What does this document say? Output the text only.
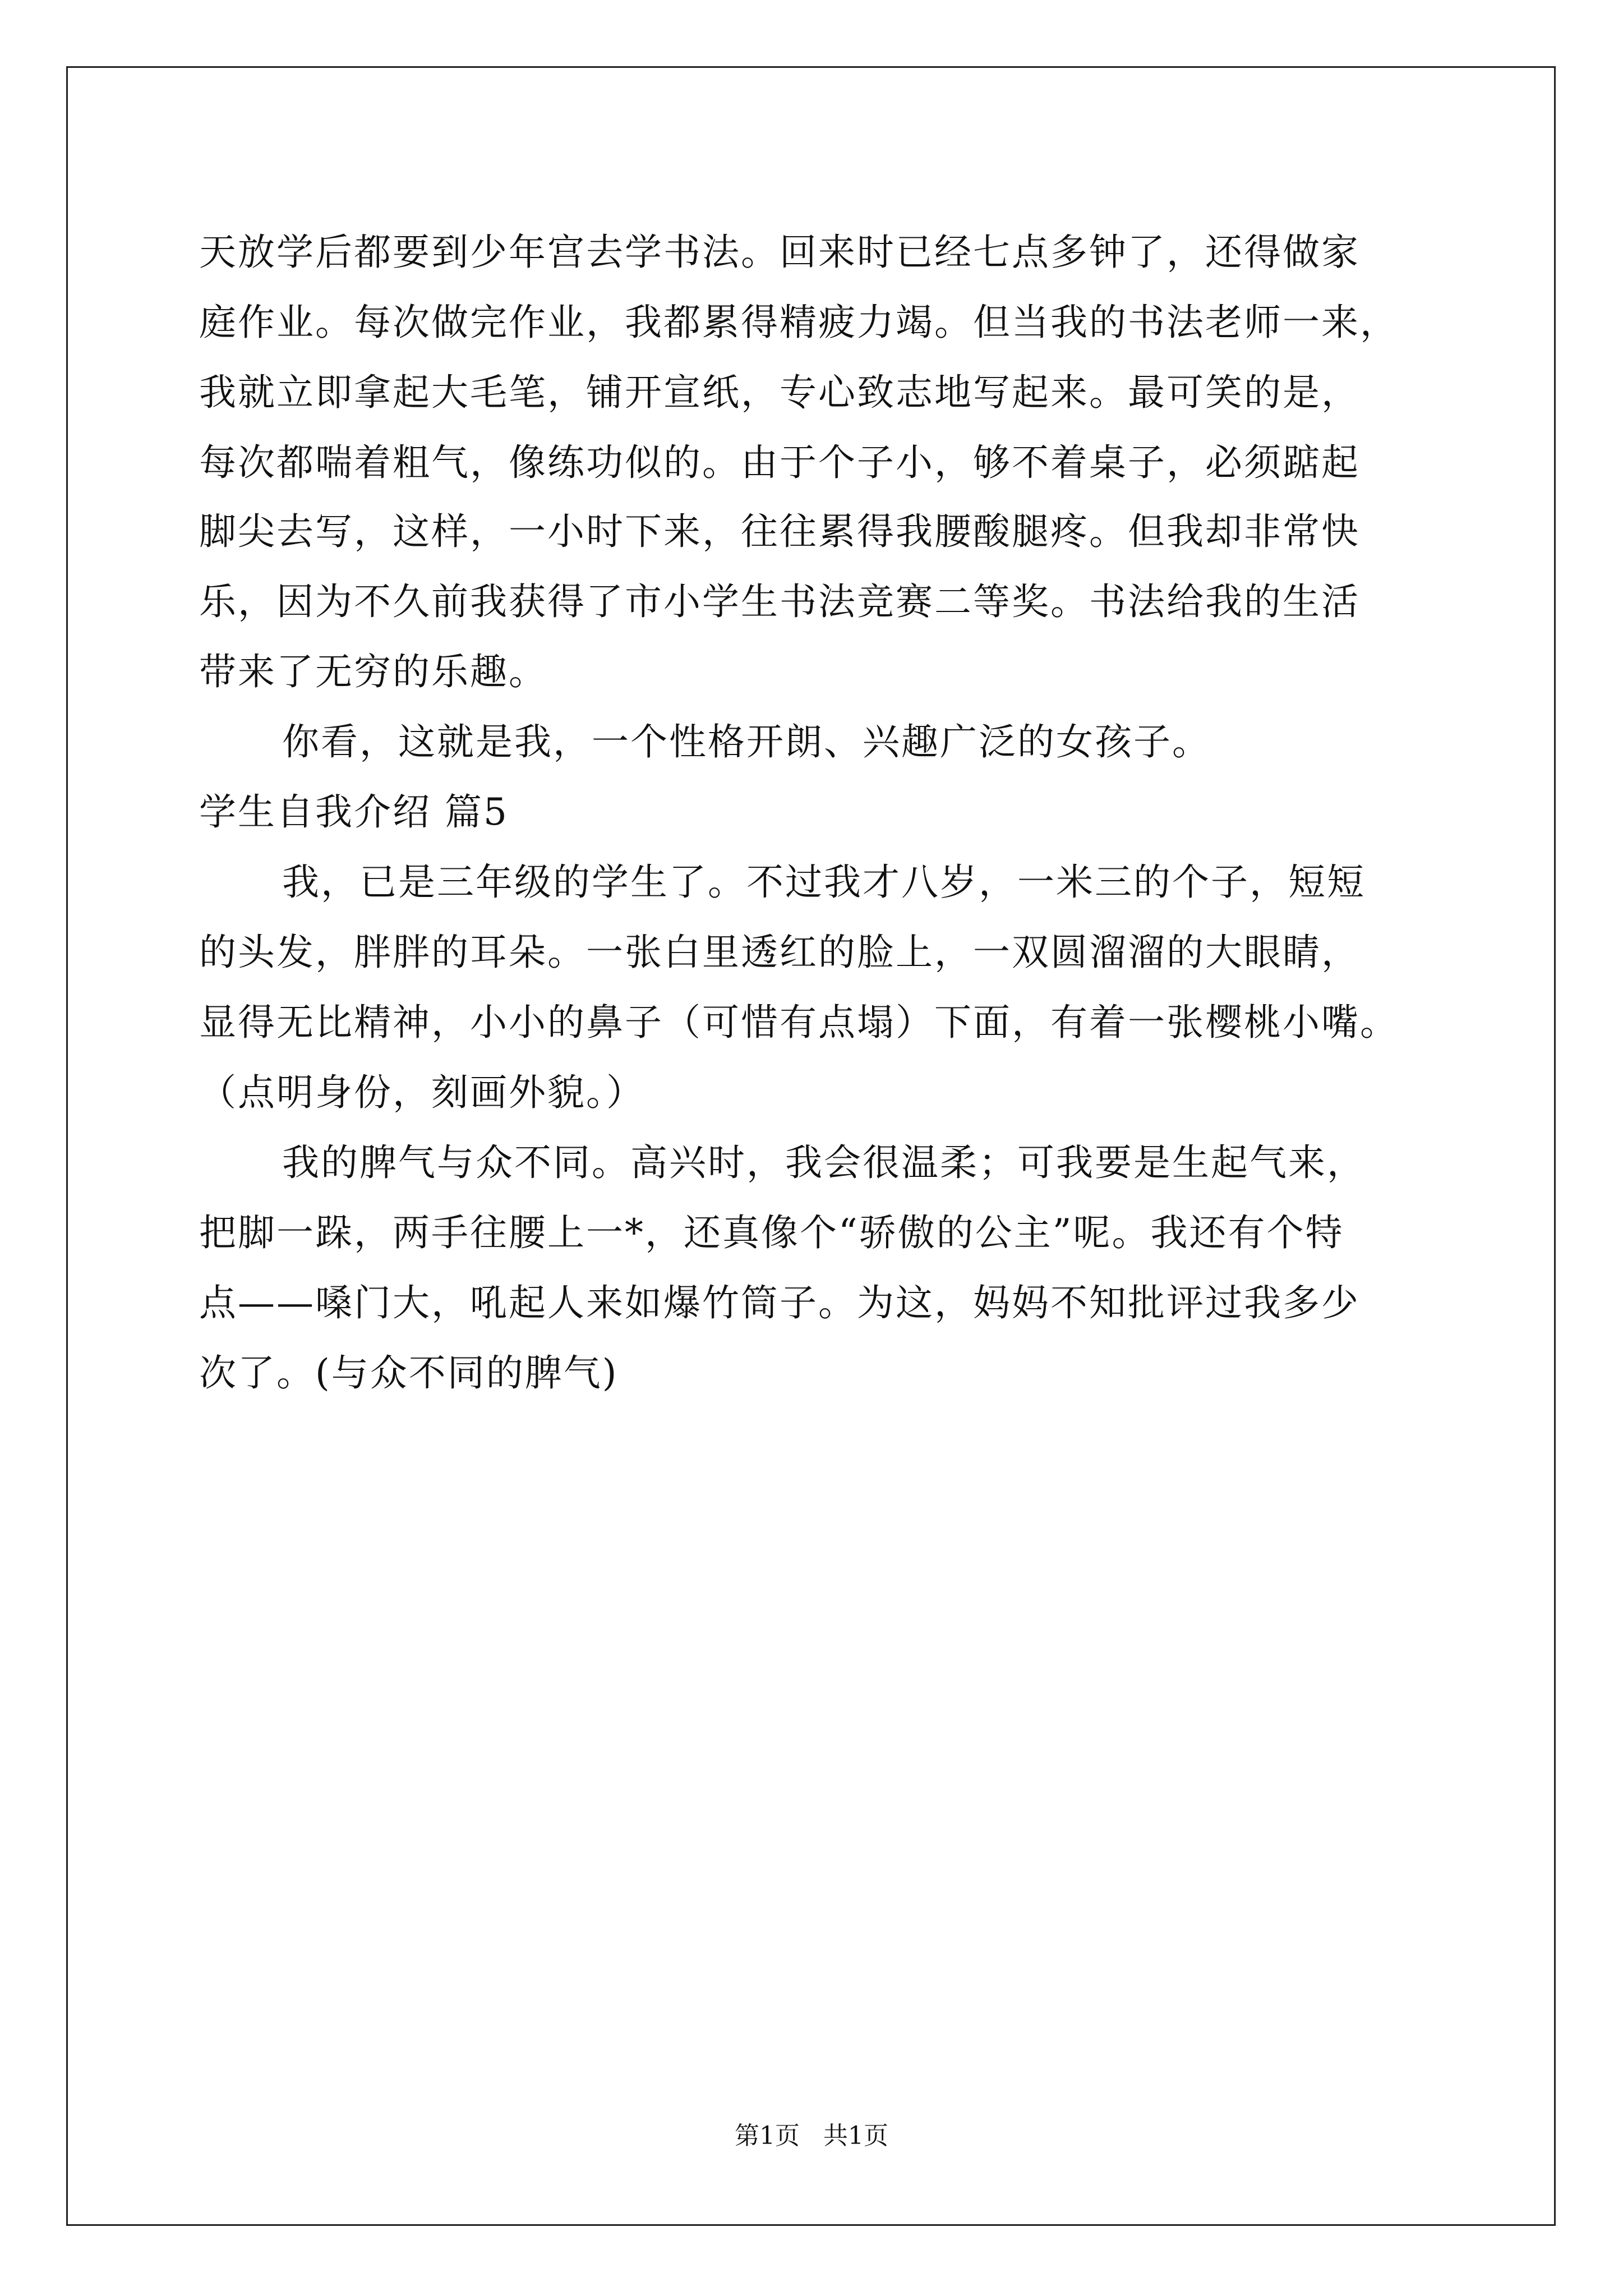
天放学后都要到少年宫去学书法。回来时已经七点多钟了，还得做家
庭作业。每次做完作业，我都累得精疲力竭。但当我的书法老师一来，
我就立即拿起大毛笔，铺开宣纸，专心致志地写起来。最可笑的是，
每次都喘着粗气，像练功似的。由于个子小，够不着桌子，必须踮起
脚尖去写，这样，一小时下来，往往累得我腰酸腿疼。但我却非常快
乐，因为不久前我获得了市小学生书法竞赛二等奖。书法给我的生活
带来了无穷的乐趣。
你看，这就是我，一个性格开朗、兴趣广泛的女孩子。
学生自我介绍 篇5
我，已是三年级的学生了。不过我才八岁，一米三的个子，短短
的头发，胖胖的耳朵。一张白里透红的脸上，一双圆溜溜的大眼睛，
显得无比精神，小小的鼻子（可惜有点塌）下面，有着一张樱桃小嘴。
（点明身份，刻画外貌。）
我的脾气与众不同。高兴时，我会很温柔；可我要是生起气来，
把脚一跺，两手往腰上一*，还真像个“骄傲的公主”呢。我还有个特
点——嗓门大，吼起人来如爆竹筒子。为这，妈妈不知批评过我多少
次了。(与众不同的脾气)
第1页   共1页
